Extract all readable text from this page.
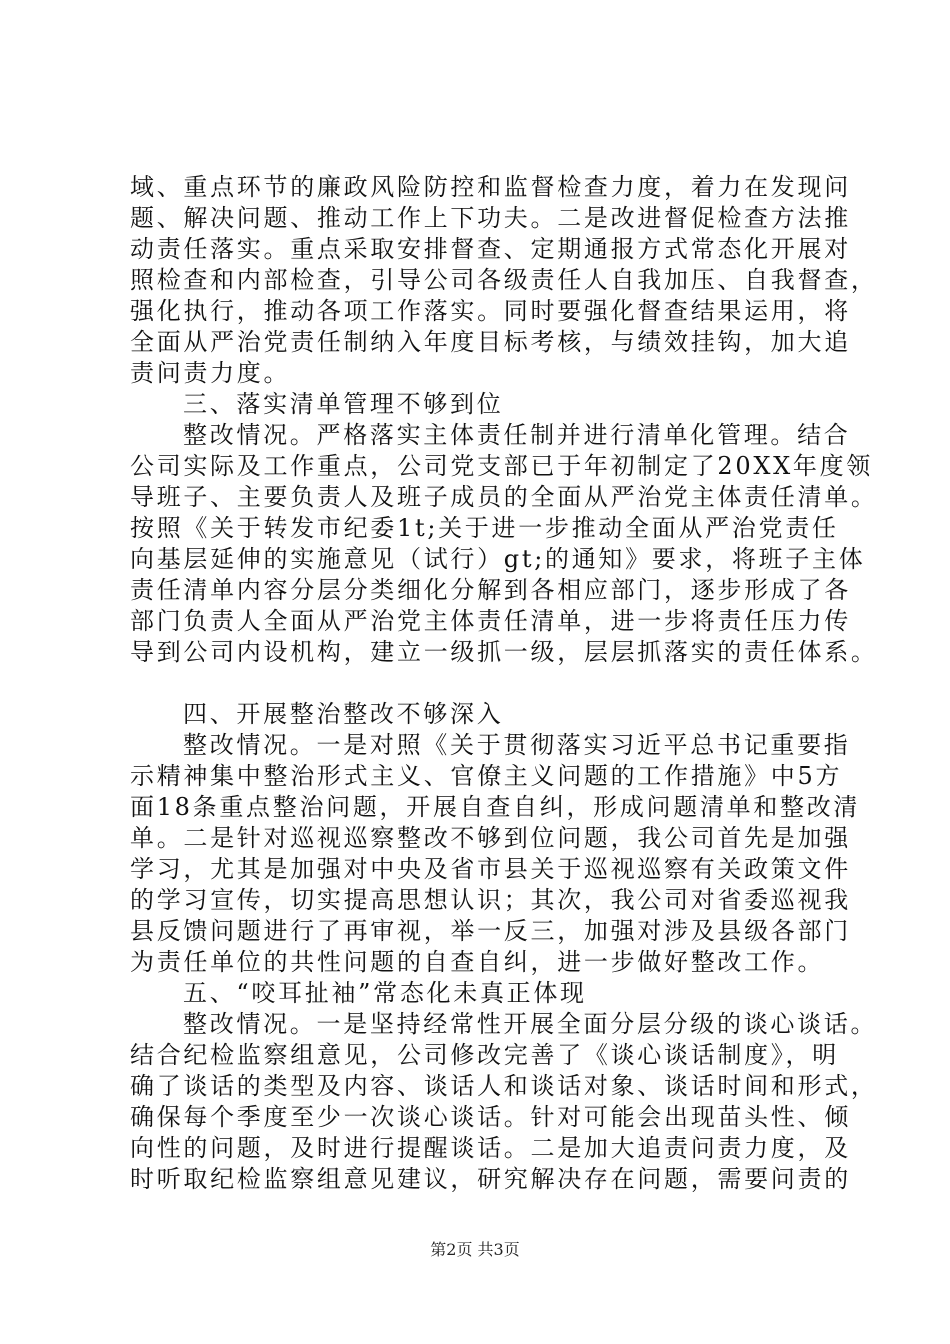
域、重点环节的廉政风险防控和监督检查力度，着力在发现问
题、解决问题、推动工作上下功夫。二是改进督促检查方法推
动责任落实。重点采取安排督查、定期通报方式常态化开展对
照检查和内部检查，引导公司各级责任人自我加压、自我督查，
强化执行，推动各项工作落实。同时要强化督查结果运用，将
全面从严治党责任制纳入年度目标考核，与绩效挂钩，加大追
责问责力度。
三、落实清单管理不够到位
整改情况。严格落实主体责任制并进行清单化管理。结合
公司实际及工作重点，公司党支部已于年初制定了20XX年度领
导班子、主要负责人及班子成员的全面从严治党主体责任清单。
按照《关于转发市纪委1t;关于进一步推动全面从严治党责任
向基层延伸的实施意见（试行）gt;的通知》要求，将班子主体
责任清单内容分层分类细化分解到各相应部门，逐步形成了各
部门负责人全面从严治党主体责任清单，进一步将责任压力传
导到公司内设机构，建立一级抓一级，层层抓落实的责任体系。
四、开展整治整改不够深入
整改情况。一是对照《关于贯彻落实习近平总书记重要指
示精神集中整治形式主义、官僚主义问题的工作措施》中5方
面18条重点整治问题，开展自查自纠，形成问题清单和整改清
单。二是针对巡视巡察整改不够到位问题，我公司首先是加强
学习，尤其是加强对中央及省市县关于巡视巡察有关政策文件
的学习宣传，切实提高思想认识；其次，我公司对省委巡视我
县反馈问题进行了再审视，举一反三，加强对涉及县级各部门
为责任单位的共性问题的自查自纠，进一步做好整改工作。
五、“咬耳扯袖”常态化未真正体现
整改情况。一是坚持经常性开展全面分层分级的谈心谈话。
结合纪检监察组意见，公司修改完善了《谈心谈话制度》，明
确了谈话的类型及内容、谈话人和谈话对象、谈话时间和形式，
确保每个季度至少一次谈心谈话。针对可能会出现苗头性、倾
向性的问题，及时进行提醒谈话。二是加大追责问责力度，及
时听取纪检监察组意见建议，研究解决存在问题，需要问责的
第2页 共3页
